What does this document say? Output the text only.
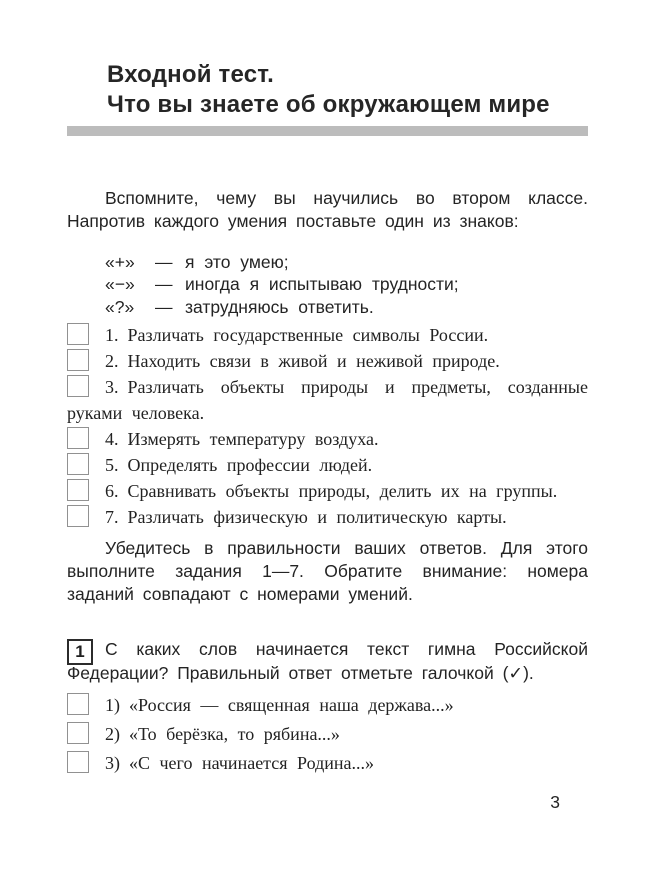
Входной тест.
Что вы знаете об окружающем мире

Вспомните, чему вы научились во втором классе. Напротив каждого умения поставьте один из знаков:

«+»	— я это умею;
«−»	— иногда я испытываю трудности;
«?»	— затрудняюсь ответить.
1. Различать государственные символы России.
2. Находить связи в живой и неживой природе.
3. Различать объекты природы и предметы, созданные руками человека.
4. Измерять температуру воздуха.
5. Определять профессии людей.
6. Сравнивать объекты природы, делить их на группы.
7. Различать физическую и политическую карты.

Убедитесь в правильности ваших ответов. Для этого выполните задания 1—7. Обратите внимание: номера заданий совпадают с номерами умений.

1	С каких слов начинается текст гимна Российской Федерации? Правильный ответ отметьте галочкой (✓).

1) «Россия — священная наша держава...»
2) «То берёзка, то рябина...»
3) «С чего начинается Родина...»
3
